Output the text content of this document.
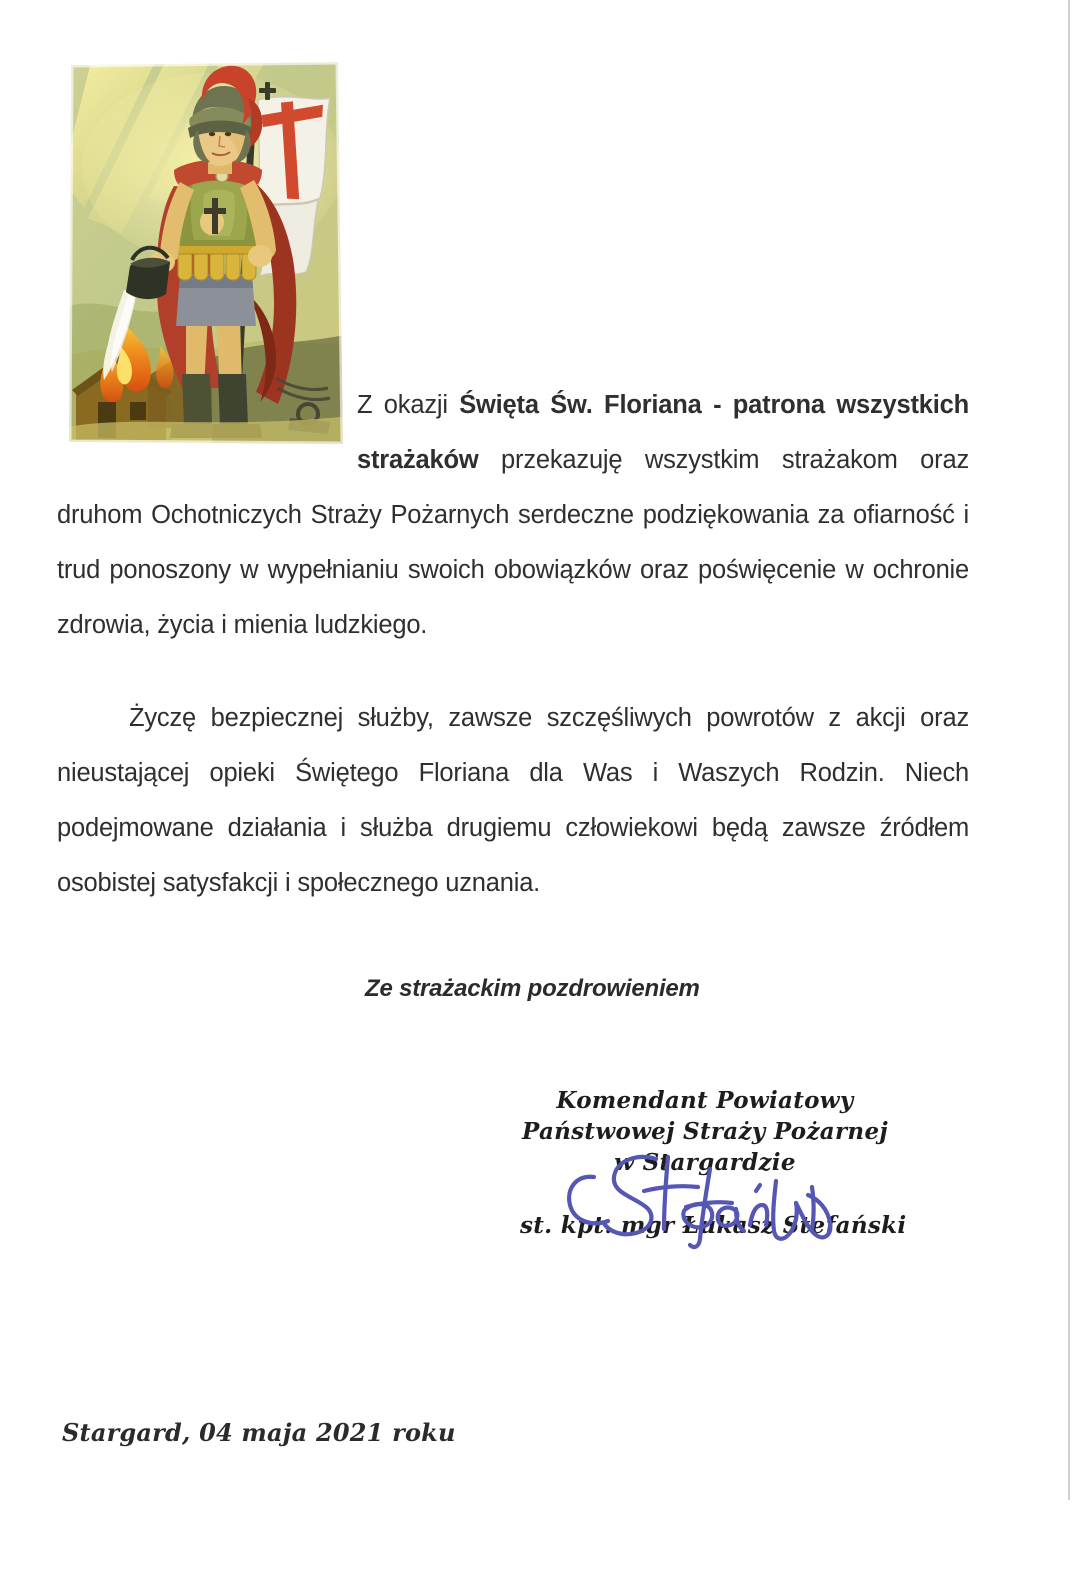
Z okazji Święta Św. Floriana - patrona wszystkich strażaków przekazuję wszystkim strażakom oraz druhom Ochotniczych Straży Pożarnych serdeczne podziękowania za ofiarność i trud ponoszony w wypełnianiu swoich obowiązków oraz poświęcenie w ochronie zdrowia, życia i mienia ludzkiego.

Życzę bezpiecznej służby, zawsze szczęśliwych powrotów z akcji oraz nieustającej opieki Świętego Floriana dla Was i Waszych Rodzin. Niech podejmowane działania i służba drugiemu człowiekowi będą zawsze źródłem osobistej satysfakcji i społecznego uznania.

Ze strażackim pozdrowieniem
Komendant Powiatowy
Państwowej Straży Pożarnej
w Stargardzie
st. kpt. mgr Łukasz Stefański
Stargard, 04 maja 2021 roku
